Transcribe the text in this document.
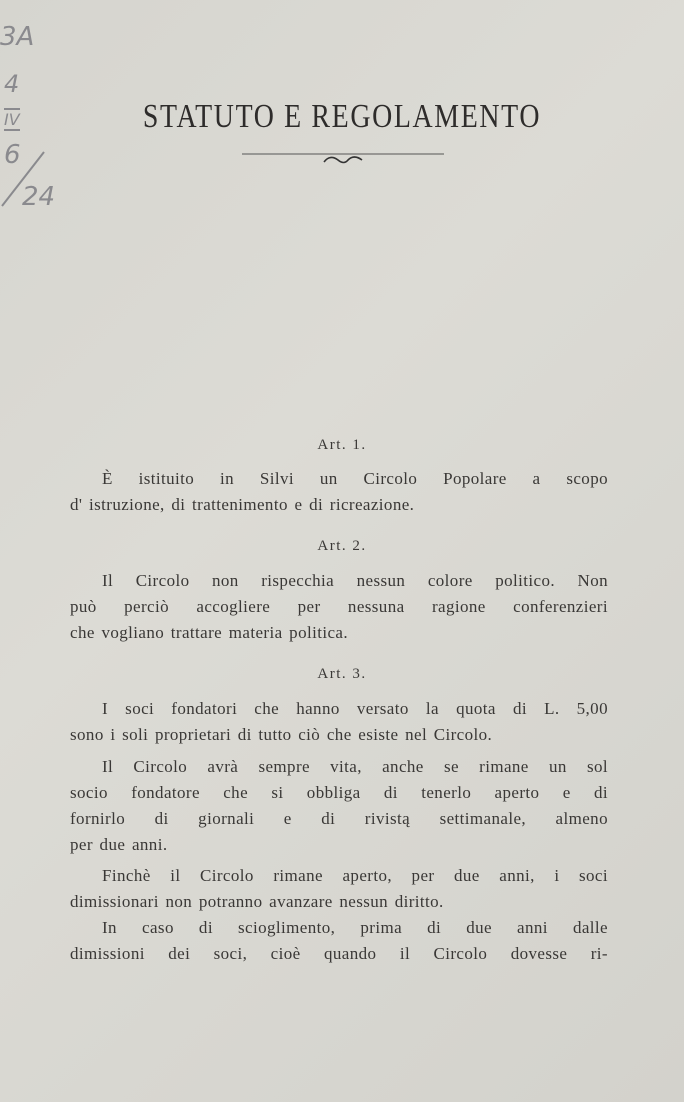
3A
4
IV
6
24
STATUTO E REGOLAMENTO
Art. 1.
È istituito in Silvi un Circolo Popolare a scopo
d' istruzione, di trattenimento e di ricreazione.
Art. 2.
Il Circolo non rispecchia nessun colore politico. Non
può perciò accogliere per nessuna ragione conferenzieri
che vogliano trattare materia politica.
Art. 3.
I soci fondatori che hanno versato la quota di L. 5,00
sono i soli proprietari di tutto ciò che esiste nel Circolo.
Il Circolo avrà sempre vita, anche se rimane un sol
socio fondatore che si obbliga di tenerlo aperto e di
fornirlo di giornali e di rivistą settimanale, almeno
per due anni.
Finchè il Circolo rimane aperto, per due anni, i soci
dimissionari non potranno avanzare nessun diritto.
In caso di scioglimento, prima di due anni dalle
dimissioni dei soci, cioè quando il Circolo dovesse ri-
